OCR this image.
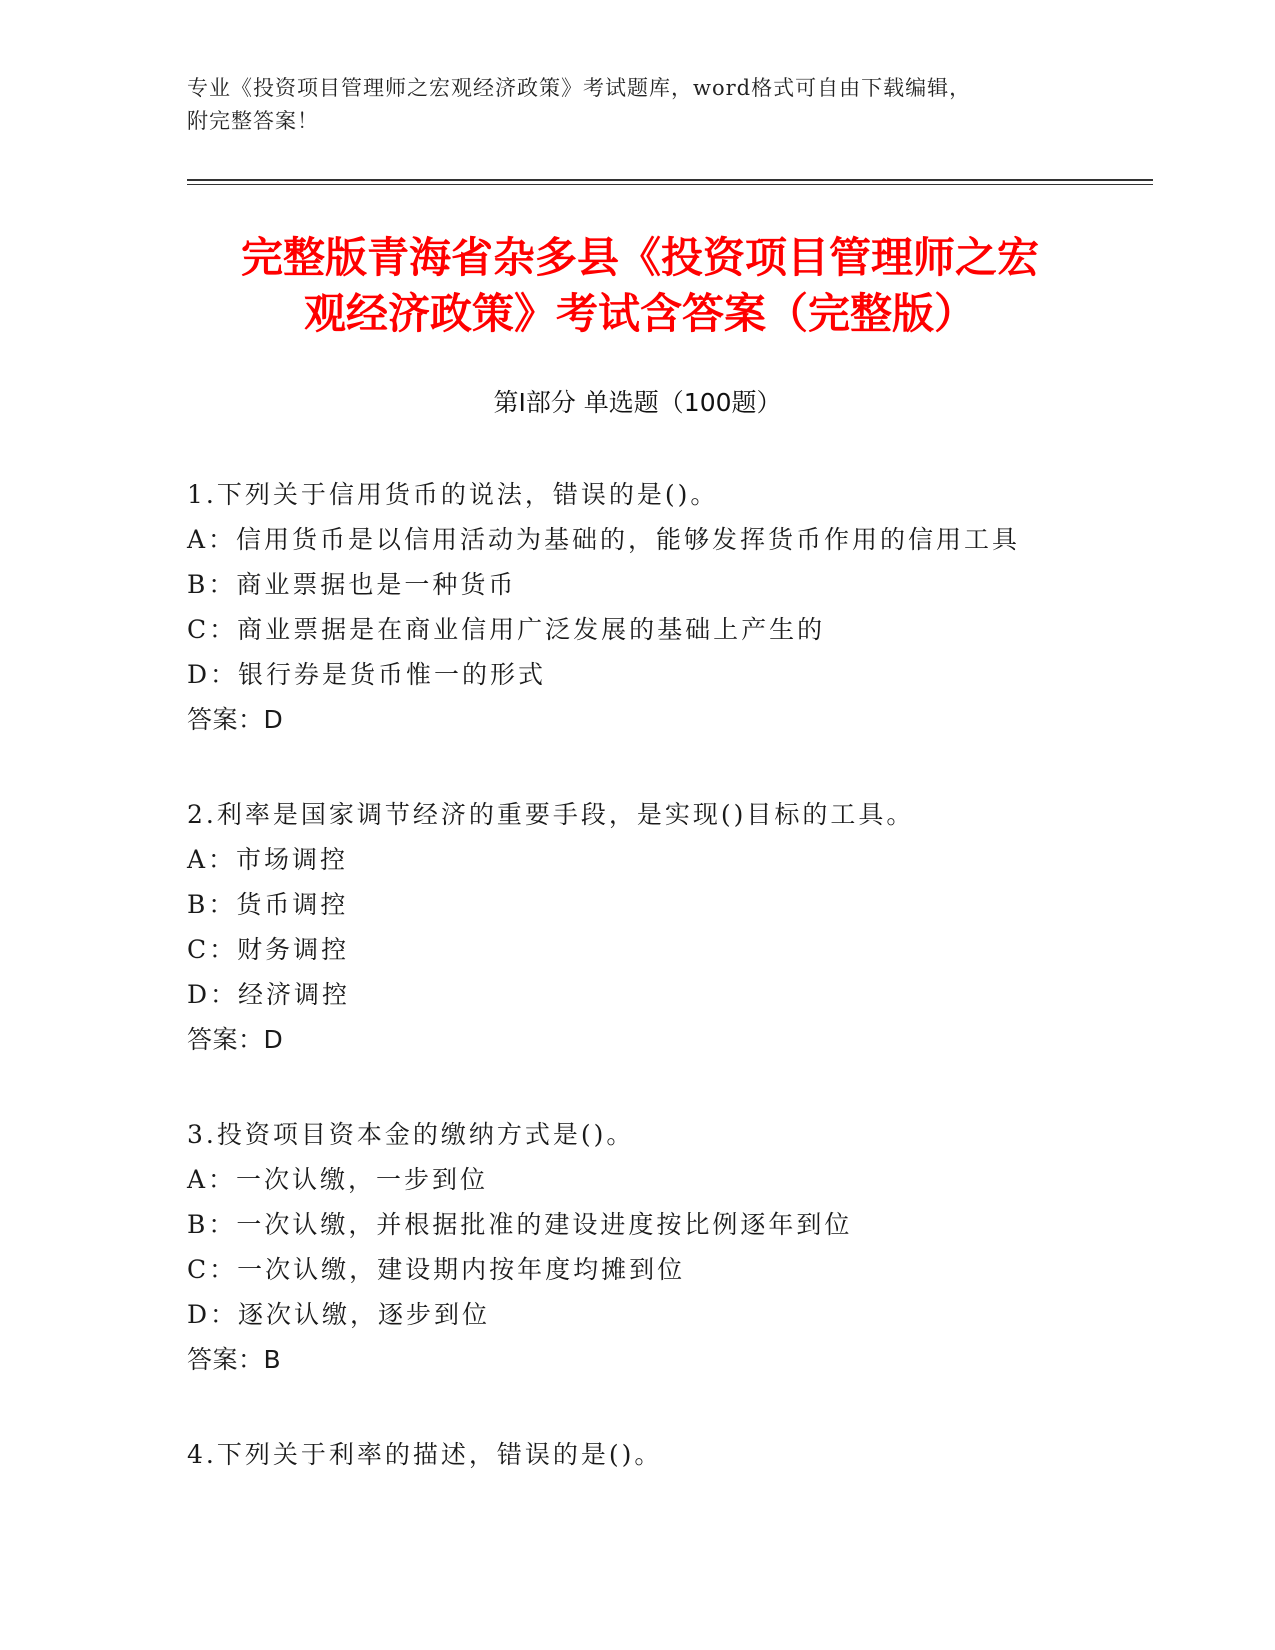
专业《投资项目管理师之宏观经济政策》考试题库，word格式可自由下载编辑，
附完整答案！
完整版青海省杂多县《投资项目管理师之宏
观经济政策》考试含答案（完整版）
第Ⅰ部分 单选题（100题）
1.下列关于信用货币的说法，错误的是()。
A：信用货币是以信用活动为基础的，能够发挥货币作用的信用工具
B：商业票据也是一种货币
C：商业票据是在商业信用广泛发展的基础上产生的
D：银行券是货币惟一的形式
答案：D
2.利率是国家调节经济的重要手段，是实现()目标的工具。
A：市场调控
B：货币调控
C：财务调控
D：经济调控
答案：D
3.投资项目资本金的缴纳方式是()。
A：一次认缴，一步到位
B：一次认缴，并根据批准的建设进度按比例逐年到位
C：一次认缴，建设期内按年度均摊到位
D：逐次认缴，逐步到位
答案：B
4.下列关于利率的描述，错误的是()。
